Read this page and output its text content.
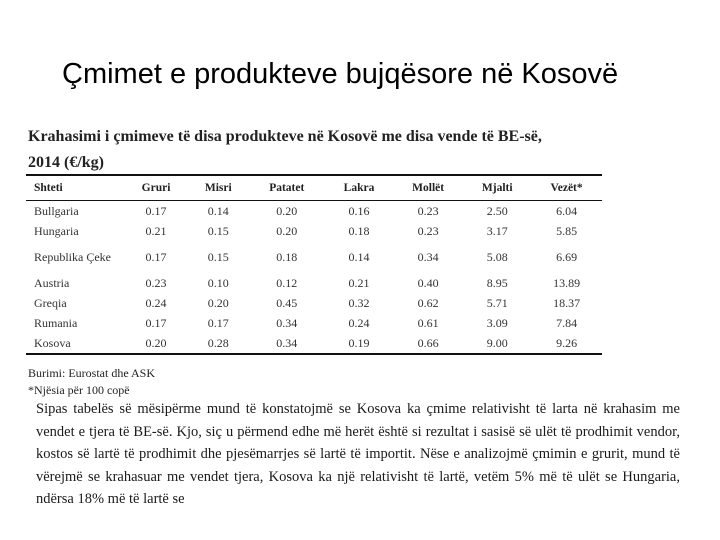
Çmimet e produkteve bujqësore në Kosovë
Krahasimi i çmimeve të disa produkteve në Kosovë me disa vende të BE-së,
2014 (€/kg)
Shteti	Gruri	Misri	Patatet	Lakra	Mollët	Mjalti	Vezët*
Bullgaria	0.17	0.14	0.20	0.16	0.23	2.50	6.04
Hungaria	0.21	0.15	0.20	0.18	0.23	3.17	5.85
Republika Çeke	0.17	0.15	0.18	0.14	0.34	5.08	6.69
Austria	0.23	0.10	0.12	0.21	0.40	8.95	13.89
Greqia	0.24	0.20	0.45	0.32	0.62	5.71	18.37
Rumania	0.17	0.17	0.34	0.24	0.61	3.09	7.84
Kosova	0.20	0.28	0.34	0.19	0.66	9.00	9.26
Burimi: Eurostat dhe ASK
*Njësia për 100 copë
Sipas tabelës së mësipërme mund të konstatojmë se Kosova ka çmime relativisht të larta në krahasim me vendet e tjera të BE-së. Kjo, siç u përmend edhe më herët është si rezultat i sasisë së ulët të prodhimit vendor, kostos së lartë të prodhimit dhe pjesëmarrjes së lartë të importit. Nëse e analizojmë çmimin e grurit, mund të vërejmë se krahasuar me vendet tjera, Kosova ka një relativisht të lartë, vetëm 5% më të ulët se Hungaria, ndërsa 18% më të lartë se
